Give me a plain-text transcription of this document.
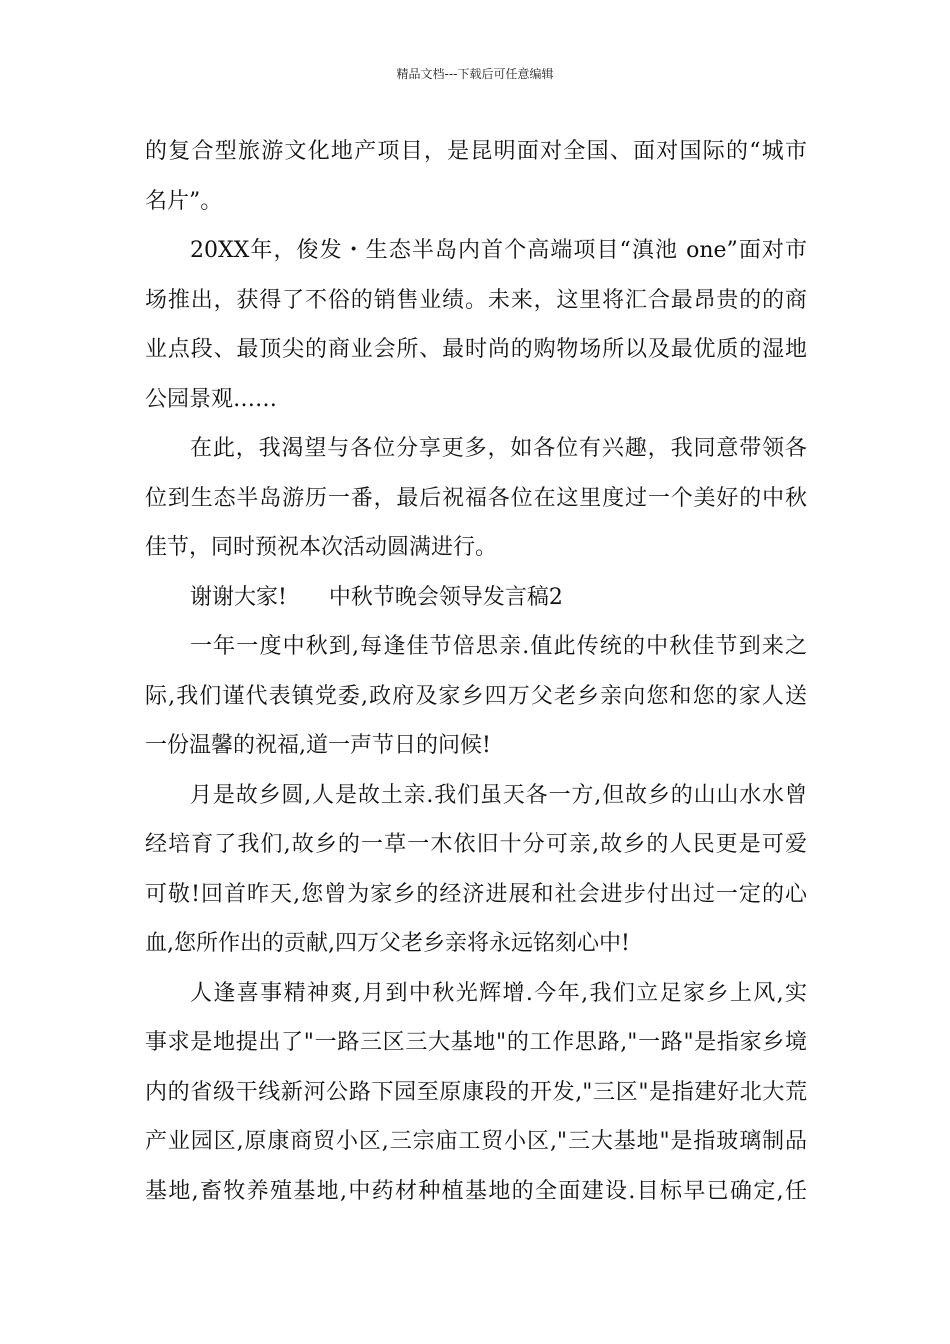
精品文档---下载后可任意编辑
的复合型旅游文化地产项目，是昆明面对全国、面对国际的“城市
名片”。
20XX年，俊发・生态半岛内首个高端项目“滇池 one”面对市
场推出，获得了不俗的销售业绩。未来，这里将汇合最昂贵的的商
业点段、最顶尖的商业会所、最时尚的购物场所以及最优质的湿地
公园景观……
在此，我渴望与各位分享更多，如各位有兴趣，我同意带领各
位到生态半岛游历一番，最后祝福各位在这里度过一个美好的中秋
佳节，同时预祝本次活动圆满进行。
谢谢大家! 中秋节晚会领导发言稿2
一年一度中秋到,每逢佳节倍思亲.值此传统的中秋佳节到来之
际,我们谨代表镇党委,政府及家乡四万父老乡亲向您和您的家人送
一份温馨的祝福,道一声节日的问候!
月是故乡圆,人是故土亲.我们虽天各一方,但故乡的山山水水曾
经培育了我们,故乡的一草一木依旧十分可亲,故乡的人民更是可爱
可敬!回首昨天,您曾为家乡的经济进展和社会进步付出过一定的心
血,您所作出的贡献,四万父老乡亲将永远铭刻心中!
人逢喜事精神爽,月到中秋光辉增.今年,我们立足家乡上风,实
事求是地提出了"一路三区三大基地"的工作思路,"一路"是指家乡境
内的省级干线新河公路下园至原康段的开发,"三区"是指建好北大荒
产业园区,原康商贸小区,三宗庙工贸小区,"三大基地"是指玻璃制品
基地,畜牧养殖基地,中药材种植基地的全面建设.目标早已确定,任
